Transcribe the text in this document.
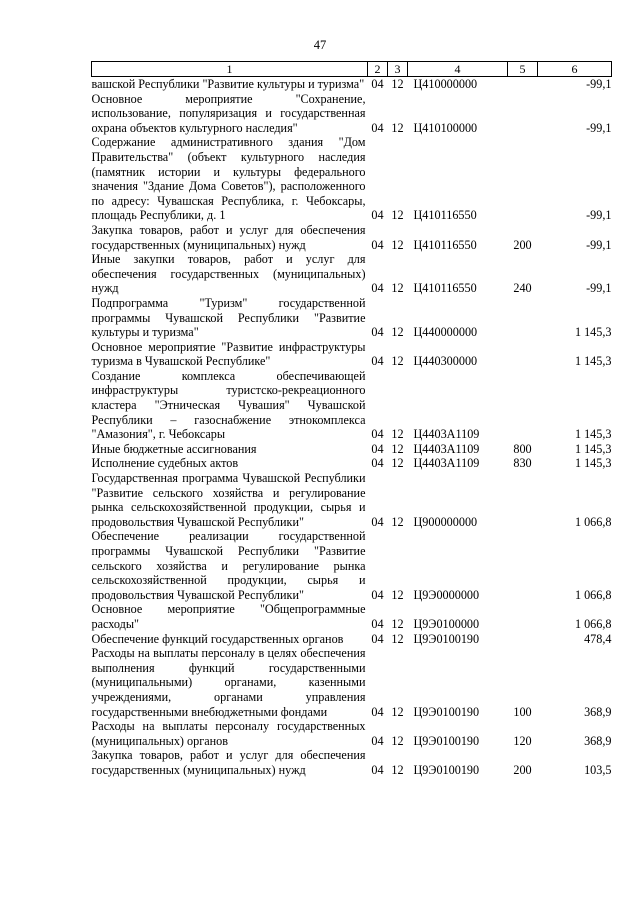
47
1	2	3	4	5	6
вашской Республики "Развитие культуры и туризма"	04	12	Ц410000000		-99,1
Основное мероприятие "Сохранение, использование, популяризация и государственная охрана объектов культурного наследия"	04	12	Ц410100000		-99,1
Содержание административного здания "Дом Правительства" (объект культурного наследия (памятник истории и культуры федерального значения "Здание Дома Советов"), расположенного по адресу: Чувашская Республика, г. Чебоксары, площадь Республики, д. 1	04	12	Ц410116550		-99,1
Закупка товаров, работ и услуг для обеспечения государственных (муниципальных) нужд	04	12	Ц410116550	200	-99,1
Иные закупки товаров, работ и услуг для обеспечения государственных (муниципальных) нужд	04	12	Ц410116550	240	-99,1
Подпрограмма "Туризм" государственной программы Чувашской Республики "Развитие культуры и туризма"	04	12	Ц440000000		1 145,3
Основное мероприятие "Развитие инфраструктуры туризма в Чувашской Республике"	04	12	Ц440300000		1 145,3
Создание комплекса обеспечивающей инфраструктуры туристско-рекреационного кластера "Этническая Чувашия" Чувашской Республики – газоснабжение этнокомплекса "Амазония", г. Чебоксары	04	12	Ц4403А1109		1 145,3
Иные бюджетные ассигнования	04	12	Ц4403А1109	800	1 145,3
Исполнение судебных актов	04	12	Ц4403А1109	830	1 145,3
Государственная программа Чувашской Республики "Развитие сельского хозяйства и регулирование рынка сельскохозяйственной продукции, сырья и продовольствия Чувашской Республики"	04	12	Ц900000000		1 066,8
Обеспечение реализации государственной программы Чувашской Республики "Развитие сельского хозяйства и регулирование рынка сельскохозяйственной продукции, сырья и продовольствия Чувашской Республики"	04	12	Ц9Э0000000		1 066,8
Основное мероприятие "Общепрограммные расходы"	04	12	Ц9Э0100000		1 066,8
Обеспечение функций государственных органов	04	12	Ц9Э0100190		478,4
Расходы на выплаты персоналу в целях обеспечения выполнения функций государственными (муниципальными) органами, казенными учреждениями, органами управления государственными внебюджетными фондами	04	12	Ц9Э0100190	100	368,9
Расходы на выплаты персоналу государственных (муниципальных) органов	04	12	Ц9Э0100190	120	368,9
Закупка товаров, работ и услуг для обеспечения государственных (муниципальных) нужд	04	12	Ц9Э0100190	200	103,5
